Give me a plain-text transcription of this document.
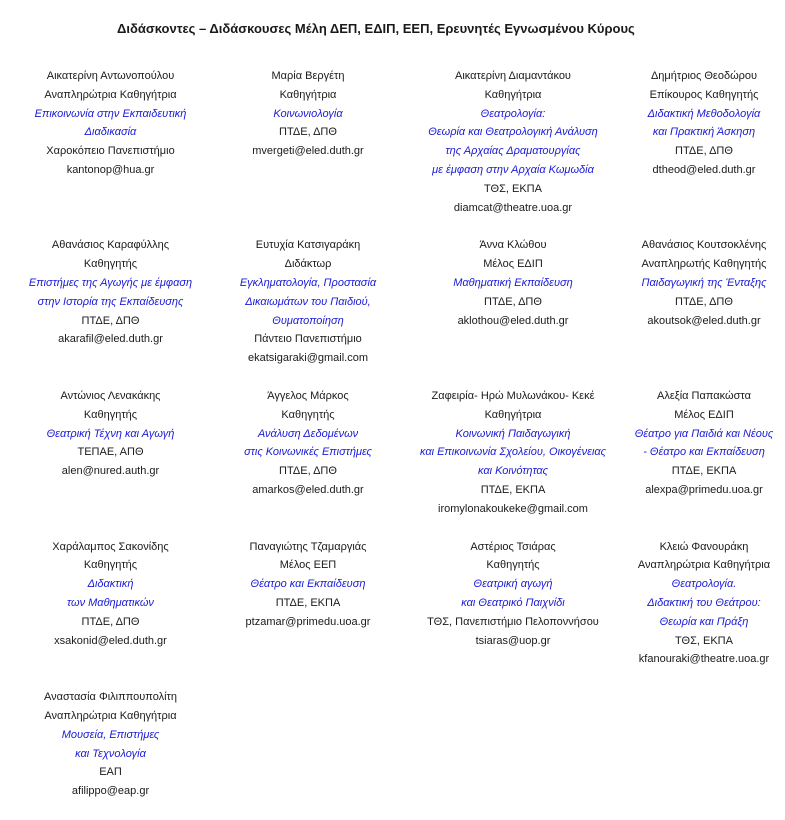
Διδάσκοντες – Διδάσκουσες Μέλη ΔΕΠ, ΕΔΙΠ, ΕΕΠ, Ερευνητές Εγνωσμένου Κύρους
Αικατερίνη Αντωνοπούλου
Αναπληρώτρια Καθηγήτρια
Επικοινωνία στην Εκπαιδευτική
Διαδικασία
Χαροκόπειο Πανεπιστήμιο
kantonop@hua.gr
Μαρία Βεργέτη
Καθηγήτρια
Κοινωνιολογία
ΠΤΔΕ, ΔΠΘ
mvergeti@eled.duth.gr
Αικατερίνη Διαμαντάκου
Καθηγήτρια
Θεατρολογία:
Θεωρία και Θεατρολογική Ανάλυση
της Αρχαίας Δραματουργίας
με έμφαση στην Αρχαία Κωμωδία
ΤΘΣ, ΕΚΠΑ
diamcat@theatre.uoa.gr
Δημήτριος Θεοδώρου
Επίκουρος Καθηγητής
Διδακτική Μεθοδολογία
και Πρακτική Άσκηση
ΠΤΔΕ, ΔΠΘ
dtheod@eled.duth.gr
Αθανάσιος Καραφύλλης
Καθηγητής
Επιστήμες της Αγωγής με έμφαση
στην Ιστορία της Εκπαίδευσης
ΠΤΔΕ, ΔΠΘ
akarafil@eled.duth.gr
Ευτυχία Κατσιγαράκη
Διδάκτωρ
Εγκληματολογία, Προστασία
Δικαιωμάτων του Παιδιού,
Θυματοποίηση
Πάντειο Πανεπιστήμιο
ekatsigaraki@gmail.com
Άννα Κλώθου
Μέλος ΕΔΙΠ
Μαθηματική Εκπαίδευση
ΠΤΔΕ, ΔΠΘ
aklothou@eled.duth.gr
Αθανάσιος Κουτσοκλένης
Αναπληρωτής Καθηγητής
Παιδαγωγική της Ένταξης
ΠΤΔΕ, ΔΠΘ
akoutsok@eled.duth.gr
Αντώνιος Λενακάκης
Καθηγητής
Θεατρική Τέχνη και Αγωγή
ΤΕΠΑΕ, ΑΠΘ
alen@nured.auth.gr
Άγγελος Μάρκος
Καθηγητής
Ανάλυση Δεδομένων
στις Κοινωνικές Επιστήμες
ΠΤΔΕ, ΔΠΘ
amarkos@eled.duth.gr
Ζαφειρία- Ηρώ Μυλωνάκου- Κεκέ
Καθηγήτρια
Κοινωνική Παιδαγωγική
και Επικοινωνία Σχολείου, Οικογένειας
και Κοινότητας
ΠΤΔΕ, ΕΚΠΑ
iromylonakoukeke@gmail.com
Αλεξία Παπακώστα
Μέλος ΕΔΙΠ
Θέατρο για Παιδιά και Νέους
- Θέατρο και Εκπαίδευση
ΠΤΔΕ, ΕΚΠΑ
alexpa@primedu.uoa.gr
Χαράλαμπος Σακονίδης
Καθηγητής
Διδακτική
των Μαθηματικών
ΠΤΔΕ, ΔΠΘ
xsakonid@eled.duth.gr
Παναγιώτης Τζαμαργιάς
Μέλος ΕΕΠ
Θέατρο και Εκπαίδευση
ΠΤΔΕ, ΕΚΠΑ
ptzamar@primedu.uoa.gr
Αστέριος Τσιάρας
Καθηγητής
Θεατρική αγωγή
και Θεατρικό Παιχνίδι
ΤΘΣ, Πανεπιστήμιο Πελοποννήσου
tsiaras@uop.gr
Κλειώ Φανουράκη
Αναπληρώτρια Καθηγήτρια
Θεατρολογία.
Διδακτική του Θεάτρου:
Θεωρία και Πράξη
ΤΘΣ, ΕΚΠΑ
kfanouraki@theatre.uoa.gr
Αναστασία Φιλιππουπολίτη
Αναπληρώτρια Καθηγήτρια
Μουσεία, Επιστήμες
και Τεχνολογία
ΕΑΠ
afilippo@eap.gr
